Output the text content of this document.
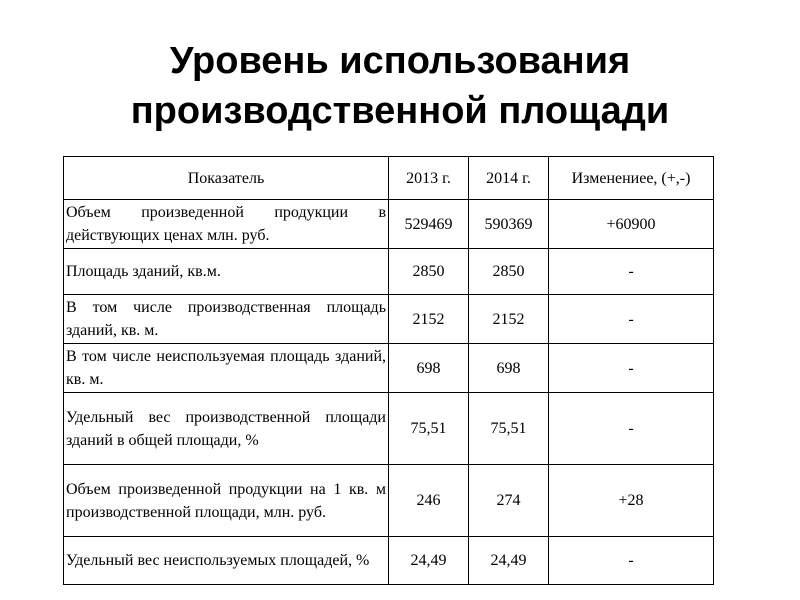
Уровень использования
производственной площади
Показатель	2013 г.	2014 г.	Изменениее, (+,-)
Объем произведенной продукции в действующих ценах млн. руб.	529469	590369	+60900
Площадь зданий, кв.м.	2850	2850	-
В том числе производственная площадь зданий, кв. м.	2152	2152	-
В том числе неиспользуемая площадь зданий, кв. м.	698	698	-
Удельный вес производственной площади зданий в общей площади, %	75,51	75,51	-
Объем произведенной продукции на 1 кв. м производственной площади, млн. руб.	246	274	+28
Удельный вес неиспользуемых площадей, %	24,49	24,49	-
